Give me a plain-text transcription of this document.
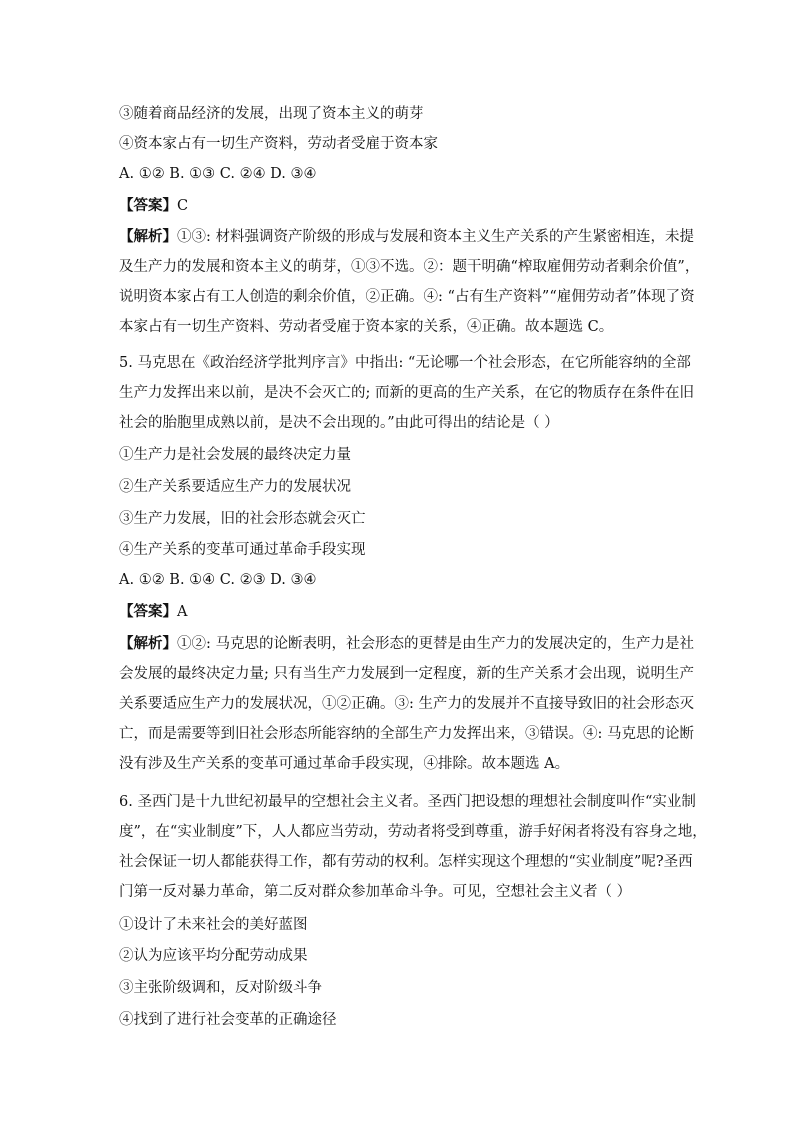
③随着商品经济的发展，出现了资本主义的萌芽
④资本家占有一切生产资料，劳动者受雇于资本家
A. ①② B. ①③ C. ②④ D. ③④
【答案】C
【解析】①③: 材料强调资产阶级的形成与发展和资本主义生产关系的产生紧密相连，未提
及生产力的发展和资本主义的萌芽，①③不选。②：题干明确“榨取雇佣劳动者剩余价值”，
说明资本家占有工人创造的剩余价值，②正确。④: “占有生产资料”“雇佣劳动者”体现了资
本家占有一切生产资料、劳动者受雇于资本家的关系，④正确。故本题选 C。
5. 马克思在《政治经济学批判序言》中指出: “无论哪一个社会形态，在它所能容纳的全部
生产力发挥出来以前，是决不会灭亡的; 而新的更高的生产关系，在它的物质存在条件在旧
社会的胎胞里成熟以前，是决不会出现的。”由此可得出的结论是（ ）
①生产力是社会发展的最终决定力量
②生产关系要适应生产力的发展状况
③生产力发展，旧的社会形态就会灭亡
④生产关系的变革可通过革命手段实现
A. ①② B. ①④ C. ②③ D. ③④
【答案】A
【解析】①②: 马克思的论断表明，社会形态的更替是由生产力的发展决定的，生产力是社
会发展的最终决定力量; 只有当生产力发展到一定程度，新的生产关系才会出现，说明生产
关系要适应生产力的发展状况，①②正确。③: 生产力的发展并不直接导致旧的社会形态灭
亡，而是需要等到旧社会形态所能容纳的全部生产力发挥出来，③错误。④: 马克思的论断
没有涉及生产关系的变革可通过革命手段实现，④排除。故本题选 A。
6. 圣西门是十九世纪初最早的空想社会主义者。圣西门把设想的理想社会制度叫作“实业制
度”，在“实业制度”下，人人都应当劳动，劳动者将受到尊重，游手好闲者将没有容身之地，
社会保证一切人都能获得工作，都有劳动的权利。怎样实现这个理想的“实业制度”呢?圣西
门第一反对暴力革命，第二反对群众参加革命斗争。可见，空想社会主义者（ ）
①设计了未来社会的美好蓝图
②认为应该平均分配劳动成果
③主张阶级调和，反对阶级斗争
④找到了进行社会变革的正确途径
